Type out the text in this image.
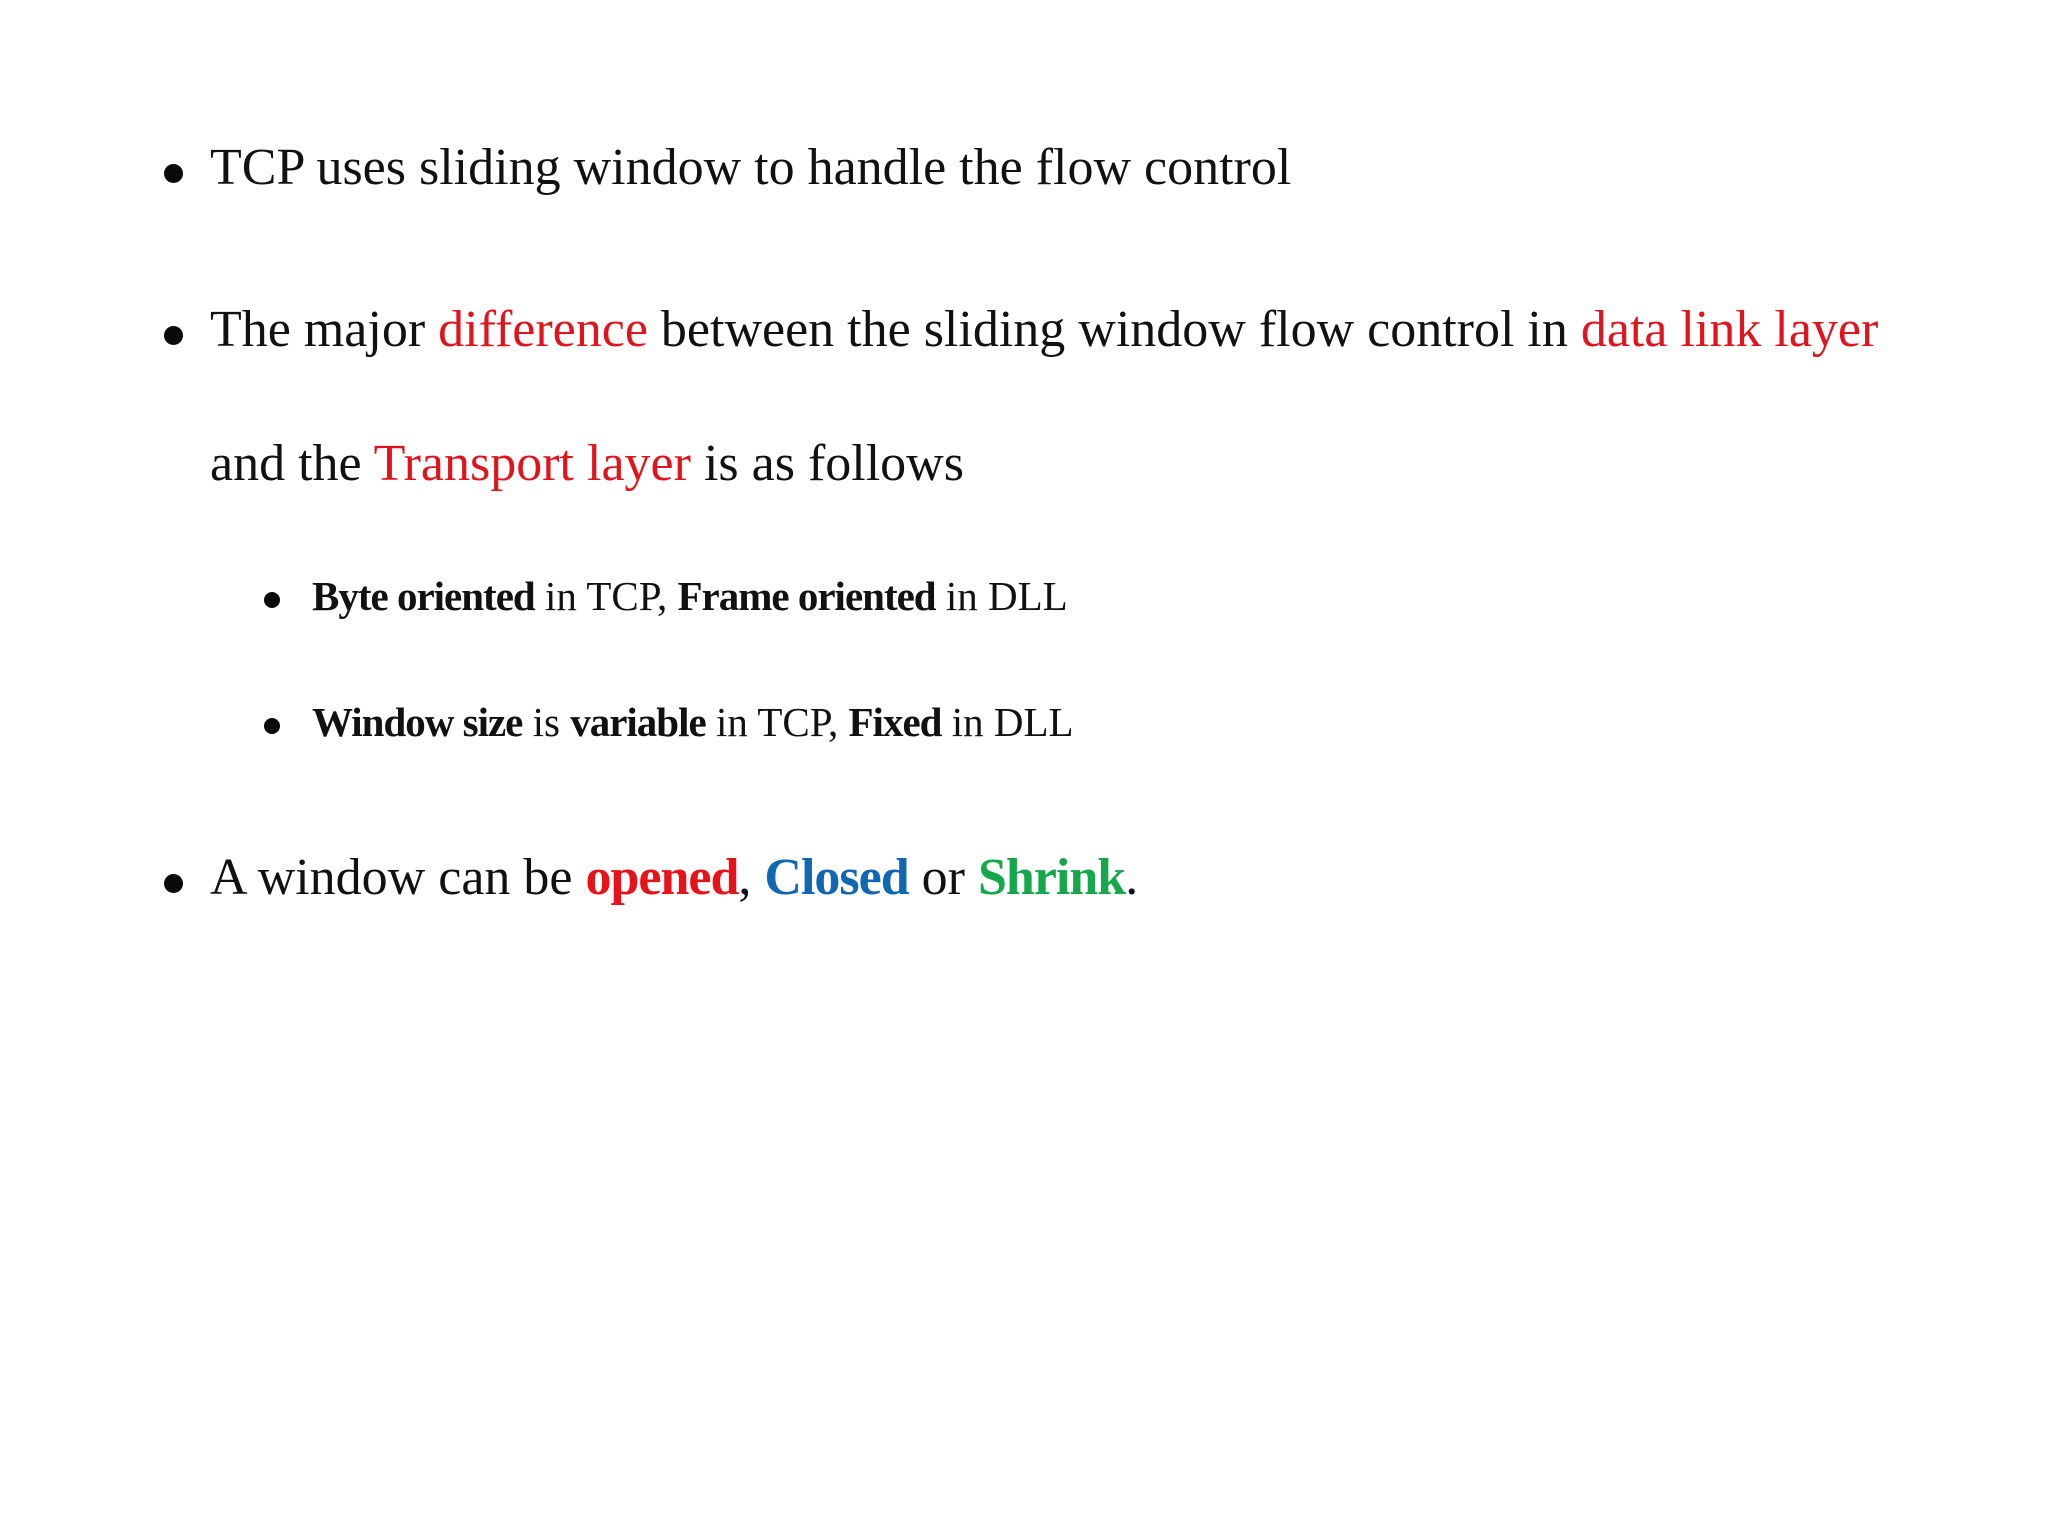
TCP uses sliding window to handle the flow control
The major difference between the sliding window flow control in data link layer
and the Transport layer is as follows
Byte oriented in TCP, Frame oriented in DLL
Window size is variable in TCP, Fixed in DLL
A window can be opened, Closed or Shrink.
